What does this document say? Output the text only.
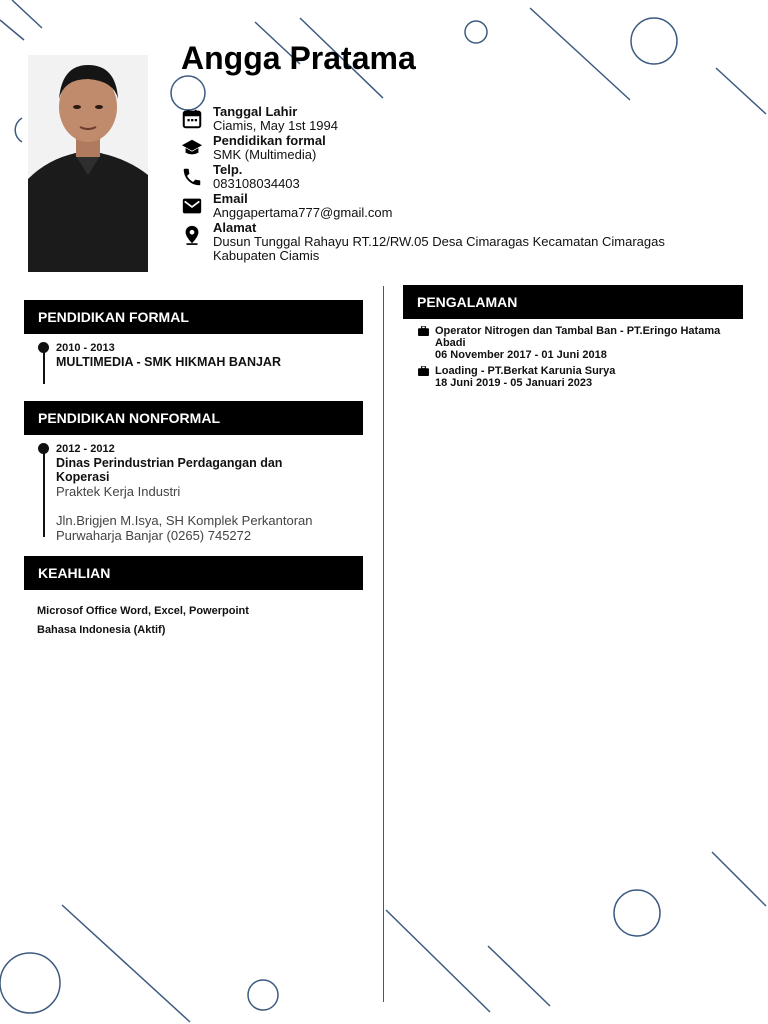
Angga Pratama
Tanggal Lahir
Ciamis, May 1st 1994
Pendidikan formal
SMK (Multimedia)
Telp.
083108034403
Email
Anggapertama777@gmail.com
Alamat
Dusun Tunggal Rahayu RT.12/RW.05 Desa Cimaragas Kecamatan Cimaragas Kabupaten Ciamis
PENDIDIKAN FORMAL
2010 - 2013
MULTIMEDIA - SMK HIKMAH BANJAR
PENDIDIKAN NONFORMAL
2012 - 2012
Dinas Perindustrian Perdagangan dan Koperasi
Praktek Kerja Industri
Jln.Brigjen M.Isya, SH Komplek Perkantoran Purwaharja Banjar (0265) 745272
KEAHLIAN
Microsof Office Word, Excel, Powerpoint
Bahasa Indonesia (Aktif)
PENGALAMAN
Operator Nitrogen dan Tambal Ban - PT.Eringo Hatama Abadi
06 November 2017 - 01 Juni 2018
Loading - PT.Berkat Karunia Surya
18 Juni 2019 - 05 Januari 2023
